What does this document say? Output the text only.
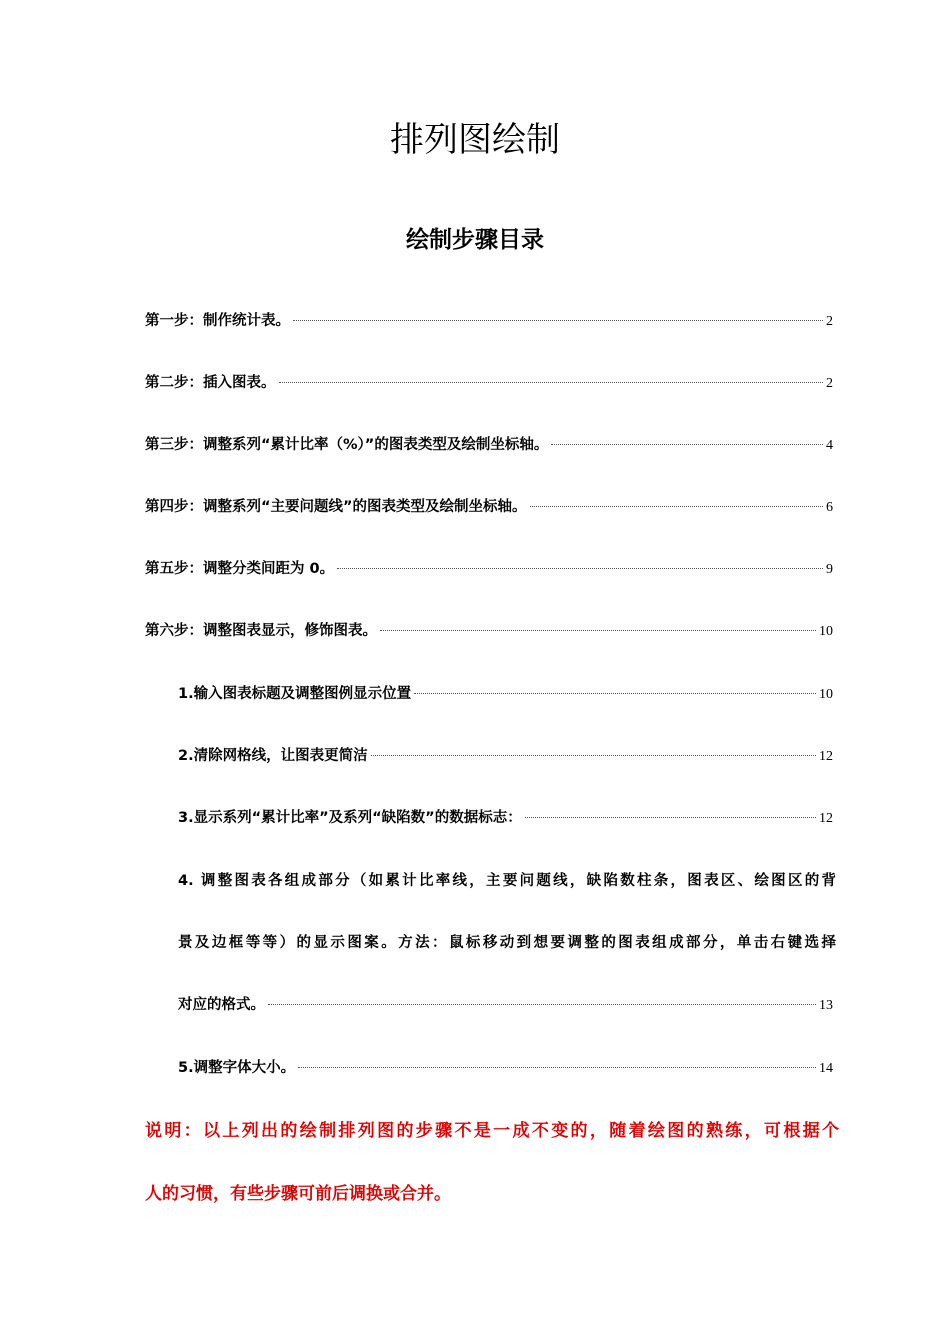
排列图绘制
绘制步骤目录
第一步：制作统计表。	2
第二步：插入图表。	2
第三步：调整系列“累计比率（%）”的图表类型及绘制坐标轴。	4
第四步：调整系列“主要问题线”的图表类型及绘制坐标轴。	6
第五步：调整分类间距为 0。	9
第六步：调整图表显示，修饰图表。	10
1.输入图表标题及调整图例显示位置	10
2.清除网格线，让图表更简洁	12
3.显示系列“累计比率”及系列“缺陷数”的数据标志：	12
4. 调整图表各组成部分（如累计比率线，主要问题线，缺陷数柱条，图表区、绘图区的背
景及边框等等）的显示图案。方法：鼠标移动到想要调整的图表组成部分，单击右键选择
对应的格式。	13
5.调整字体大小。	14
说明：以上列出的绘制排列图的步骤不是一成不变的，随着绘图的熟练，可根据个
人的习惯，有些步骤可前后调换或合并。
